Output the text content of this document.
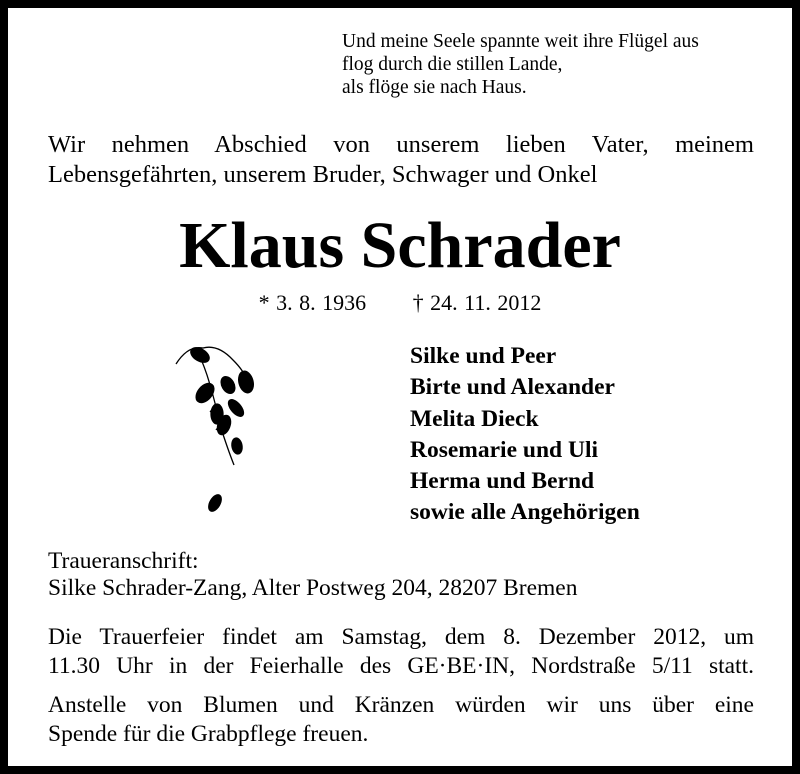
Und meine Seele spannte weit ihre Flügel aus
flog durch die stillen Lande,
als flöge sie nach Haus.
Wir nehmen Abschied von unserem lieben Vater, meinem
Lebensgefährten, unserem Bruder, Schwager und Onkel
Klaus Schrader
* 3. 8. 1936 † 24. 11. 2012
Silke und Peer
Birte und Alexander
Melita Dieck
Rosemarie und Uli
Herma und Bernd
sowie alle Angehörigen
Traueranschrift:
Silke Schrader-Zang, Alter Postweg 204, 28207 Bremen
Die Trauerfeier findet am Samstag, dem 8. Dezember 2012, um
11.30 Uhr in der Feierhalle des GE·BE·IN, Nordstraße 5/11 statt.
Anstelle von Blumen und Kränzen würden wir uns über eine
Spende für die Grabpflege freuen.
